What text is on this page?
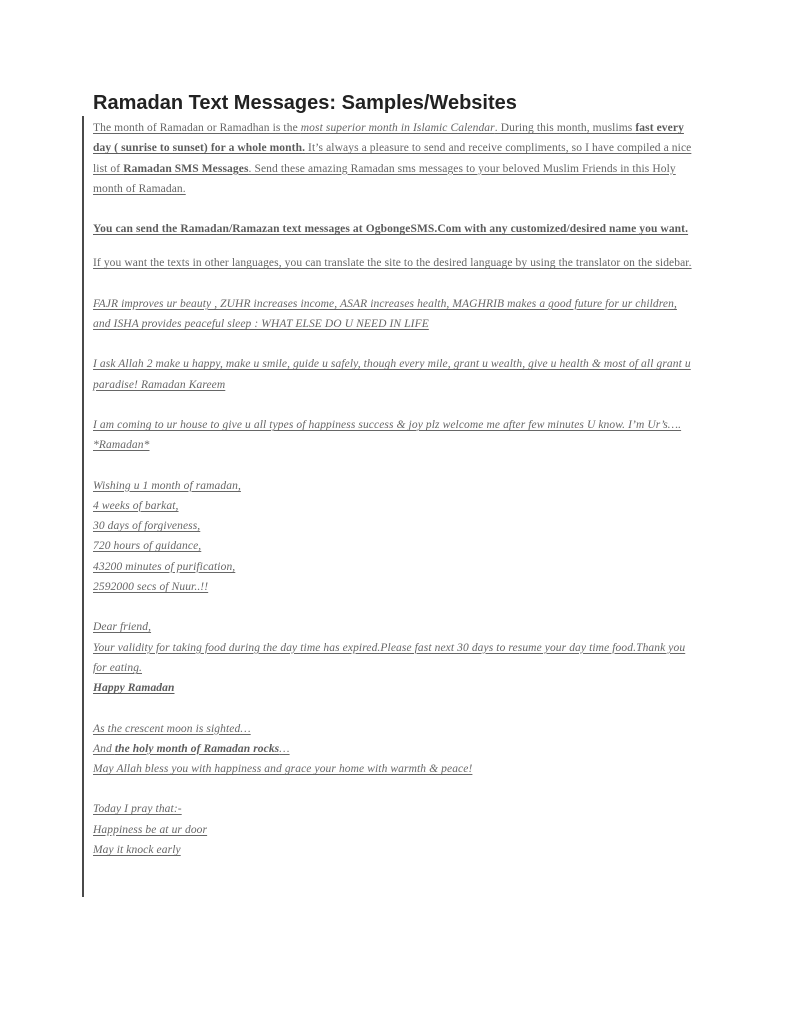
Ramadan Text Messages: Samples/Websites

The month of Ramadan or Ramadhan is the most superior month in Islamic Calendar. During this month, muslims fast every day ( sunrise to sunset) for a whole month. It’s always a pleasure to send and receive compliments, so I have compiled a nice list of Ramadan SMS Messages. Send these amazing Ramadan sms messages to your beloved Muslim Friends in this Holy month of Ramadan.

You can send the Ramadan/Ramazan text messages at OgbongeSMS.Com with any customized/desired name you want.

If you want the texts in other languages, you can translate the site to the desired language by using the translator on the sidebar.

FAJR improves ur beauty , ZUHR increases income, ASAR increases health, MAGHRIB makes a good future for ur children, and ISHA provides peaceful sleep : WHAT ELSE DO U NEED IN LIFE

I ask Allah 2 make u happy, make u smile, guide u safely, though every mile, grant u wealth, give u health & most of all grant u paradise! Ramadan Kareem

I am coming to ur house to give u all types of happiness success & joy plz welcome me after few minutes U know. I’m Ur’s…. *Ramadan*

Wishing u 1 month of ramadan,
4 weeks of barkat,
30 days of forgiveness,
720 hours of guidance,
43200 minutes of purification,
2592000 secs of Nuur..!!

Dear friend,
Your validity for taking food during the day time has expired.Please fast next 30 days to resume your day time food.Thank you for eating.
Happy Ramadan

As the crescent moon is sighted…
And the holy month of Ramadan rocks…
May Allah bless you with happiness and grace your home with warmth & peace!

Today I pray that:-
Happiness be at ur door
May it knock early
